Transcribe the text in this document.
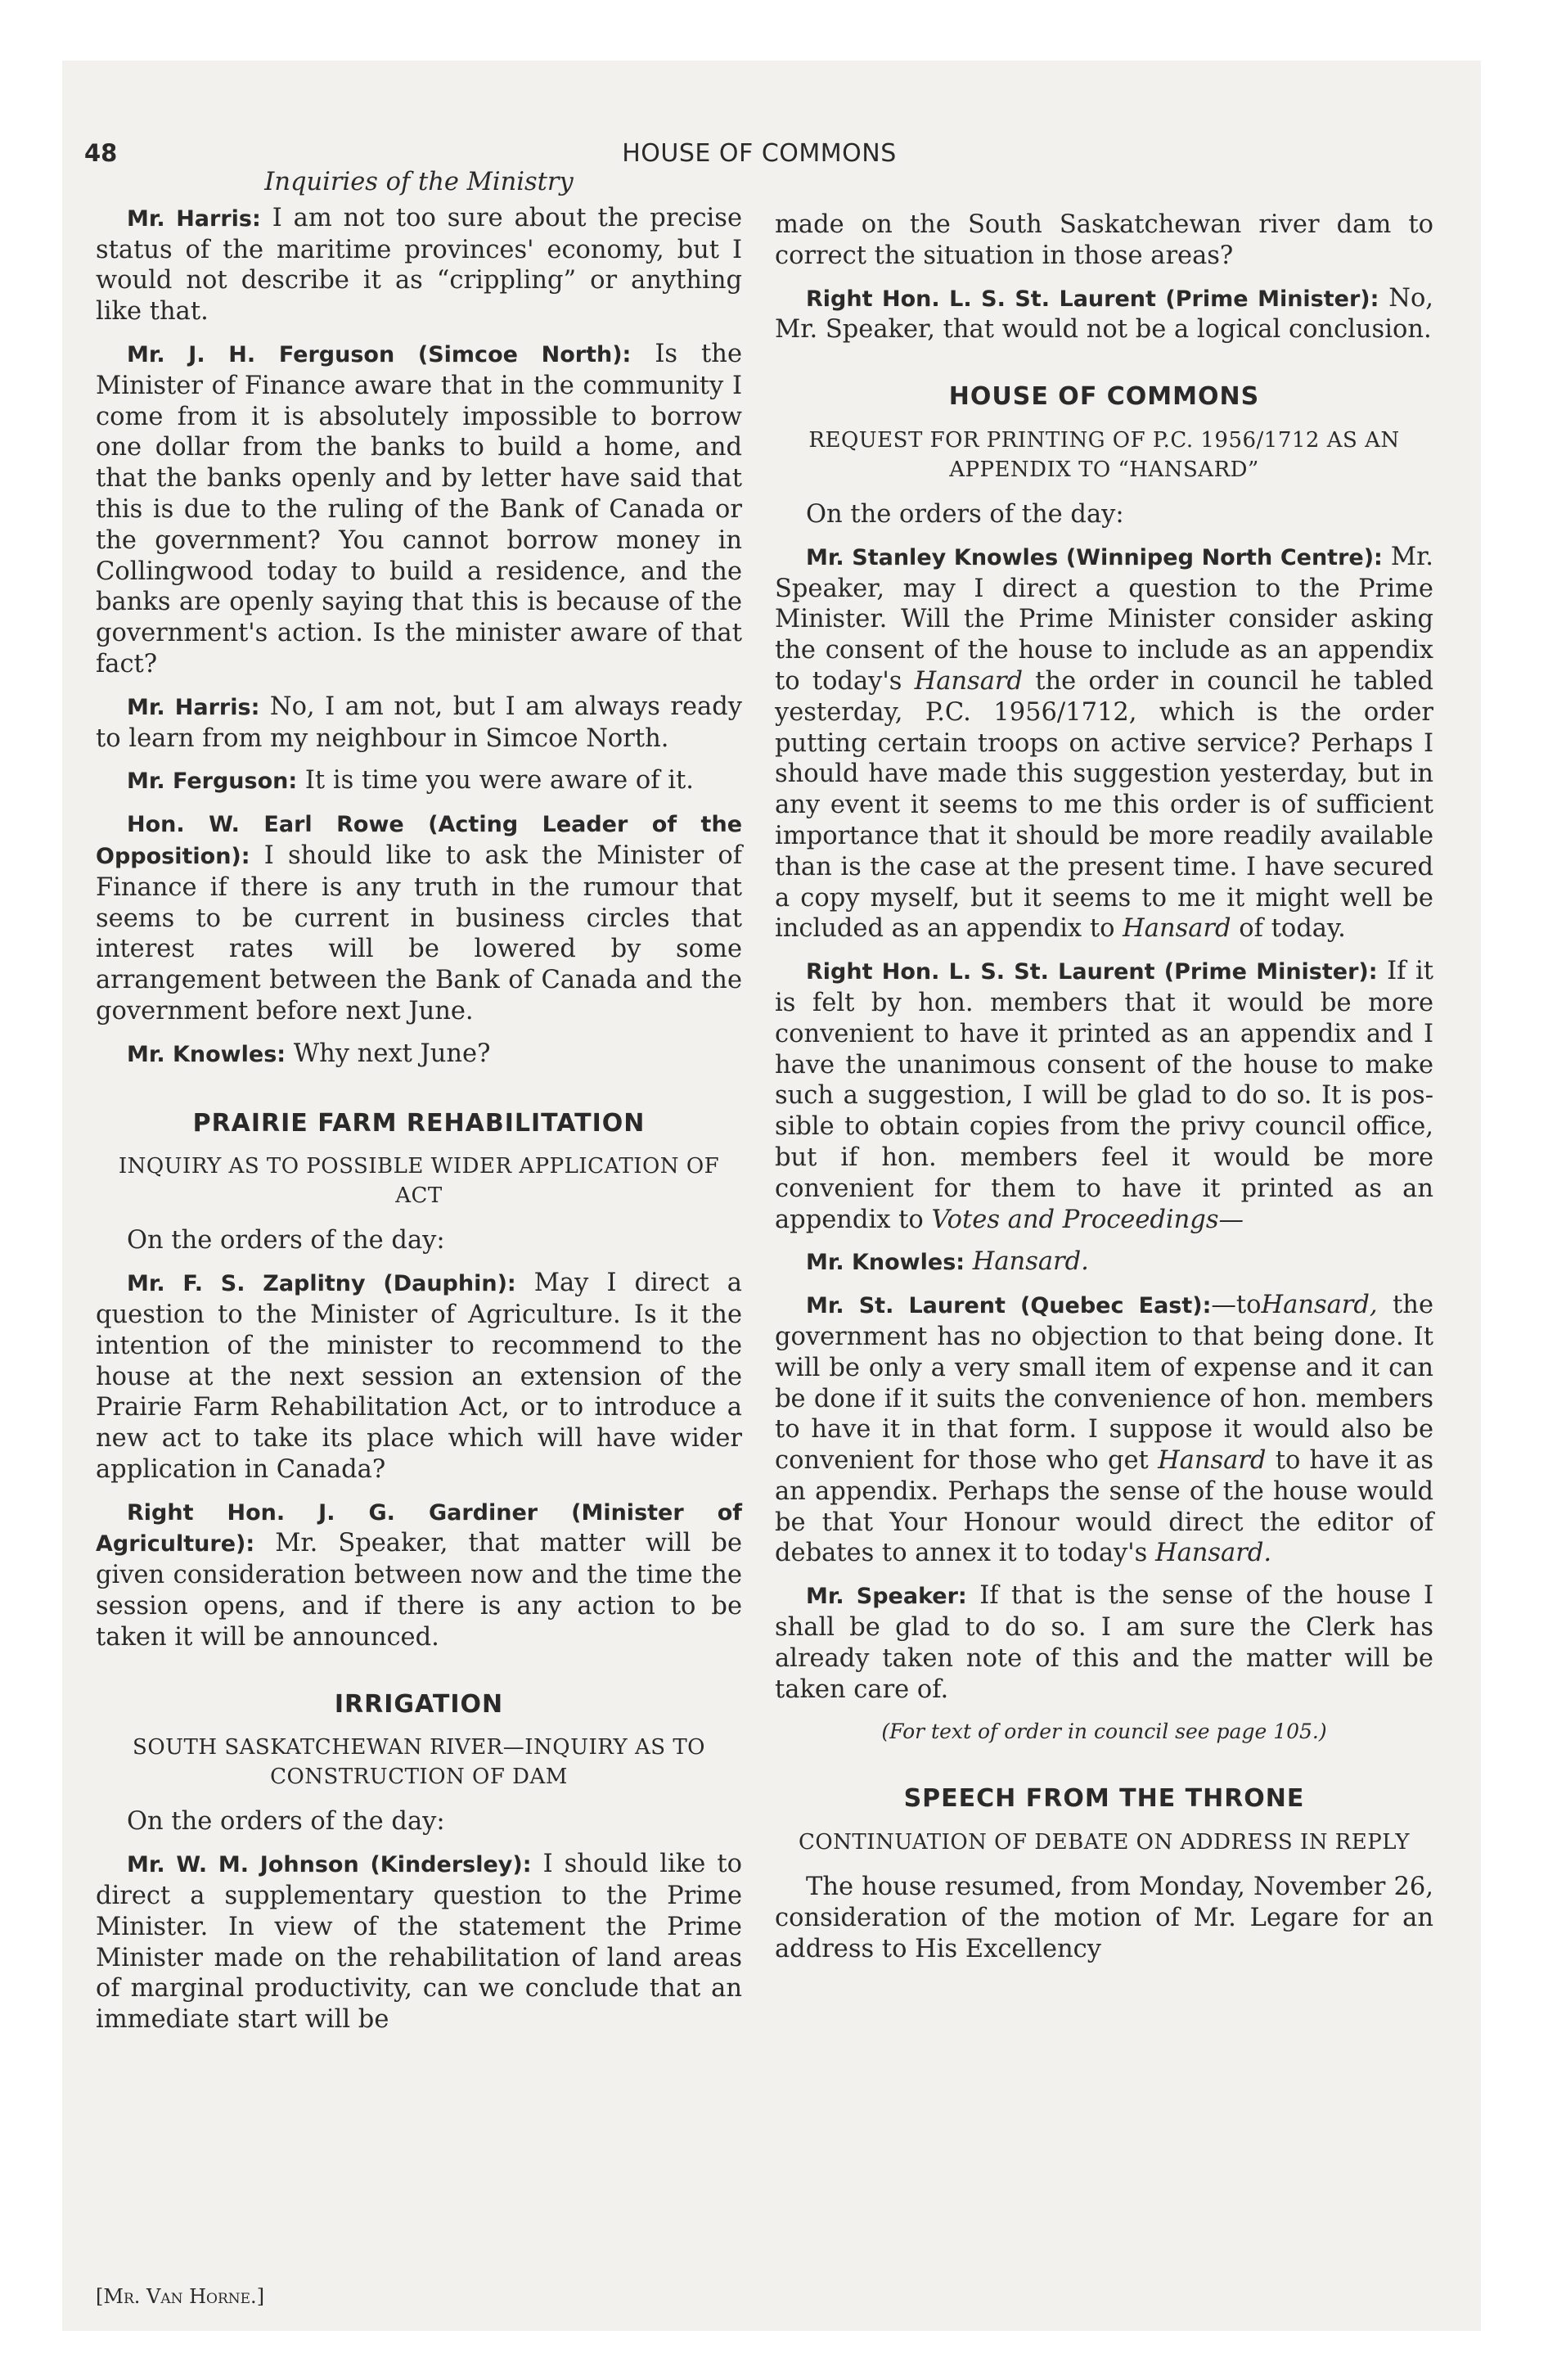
48	HOUSE OF COMMONS

Inquiries of the Ministry

Mr. Harris: I am not too sure about the precise status of the maritime provinces' economy, but I would not describe it as “crippling” or anything like that.

Mr. J. H. Ferguson (Simcoe North): Is the Minister of Finance aware that in the community I come from it is absolutely impossible to borrow one dollar from the banks to build a home, and that the banks openly and by letter have said that this is due to the ruling of the Bank of Canada or the government? You cannot borrow money in Collingwood today to build a residence, and the banks are openly saying that this is because of the government's action. Is the minister aware of that fact?

Mr. Harris: No, I am not, but I am always ready to learn from my neighbour in Simcoe North.

Mr. Ferguson: It is time you were aware of it.

Hon. W. Earl Rowe (Acting Leader of the Opposition): I should like to ask the Minister of Finance if there is any truth in the rumour that seems to be current in business circles that interest rates will be lowered by some arrangement between the Bank of Canada and the government before next June.

Mr. Knowles: Why next June?

PRAIRIE FARM REHABILITATION
INQUIRY AS TO POSSIBLE WIDER APPLICATION OF ACT

On the orders of the day:

Mr. F. S. Zaplitny (Dauphin): May I direct a question to the Minister of Agriculture. Is it the intention of the minister to recommend to the house at the next session an extension of the Prairie Farm Rehabilitation Act, or to introduce a new act to take its place which will have wider application in Canada?

Right Hon. J. G. Gardiner (Minister of Agriculture): Mr. Speaker, that matter will be given consideration between now and the time the session opens, and if there is any action to be taken it will be announced.

IRRIGATION
SOUTH SASKATCHEWAN RIVER—INQUIRY AS TO CONSTRUCTION OF DAM

On the orders of the day:

Mr. W. M. Johnson (Kindersley): I should like to direct a supplementary question to the Prime Minister. In view of the statement the Prime Minister made on the rehabilitation of land areas of marginal productivity, can we conclude that an immediate start will be

[Mr. Van Horne.]

made on the South Saskatchewan river dam to correct the situation in those areas?

Right Hon. L. S. St. Laurent (Prime Minister): No, Mr. Speaker, that would not be a logical conclusion.

HOUSE OF COMMONS
REQUEST FOR PRINTING OF P.C. 1956/1712 AS AN APPENDIX TO “HANSARD”

On the orders of the day:

Mr. Stanley Knowles (Winnipeg North Centre): Mr. Speaker, may I direct a question to the Prime Minister. Will the Prime Minister consider asking the consent of the house to include as an appendix to today's Hansard the order in council he tabled yesterday, P.C. 1956/1712, which is the order putting certain troops on active service? Perhaps I should have made this suggestion yesterday, but in any event it seems to me this order is of sufficient importance that it should be more readily available than is the case at the present time. I have secured a copy myself, but it seems to me it might well be included as an appendix to Hansard of today.

Right Hon. L. S. St. Laurent (Prime Minister): If it is felt by hon. members that it would be more convenient to have it printed as an appendix and I have the unanimous consent of the house to make such a suggestion, I will be glad to do so. It is possible to obtain copies from the privy council office, but if hon. members feel it would be more convenient for them to have it printed as an appendix to Votes and Proceedings—

Mr. Knowles: Hansard.

Mr. St. Laurent (Quebec East):—toHansard, the government has no objection to that being done. It will be only a very small item of expense and it can be done if it suits the convenience of hon. members to have it in that form. I suppose it would also be convenient for those who get Hansard to have it as an appendix. Perhaps the sense of the house would be that Your Honour would direct the editor of debates to annex it to today's Hansard.

Mr. Speaker: If that is the sense of the house I shall be glad to do so. I am sure the Clerk has already taken note of this and the matter will be taken care of.

(For text of order in council see page 105.)

SPEECH FROM THE THRONE
CONTINUATION OF DEBATE ON ADDRESS IN REPLY

The house resumed, from Monday, November 26, consideration of the motion of Mr. Legare for an address to His Excellency
